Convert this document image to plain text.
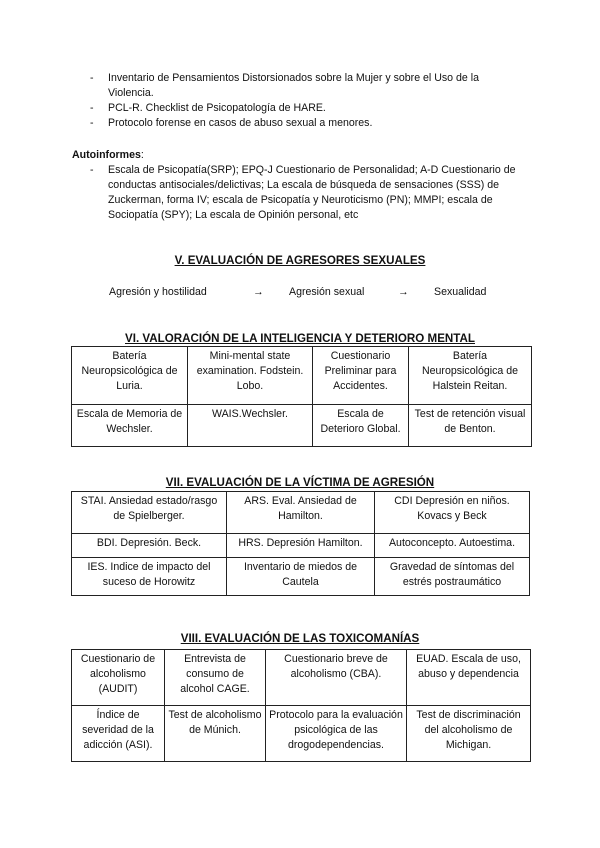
- Inventario de Pensamientos Distorsionados sobre la Mujer y sobre el Uso de la Violencia.
- PCL-R. Checklist de Psicopatología de HARE.
- Protocolo forense en casos de abuso sexual a menores.
Autoinformes:
- Escala de Psicopatía(SRP); EPQ-J Cuestionario de Personalidad; A-D Cuestionario de conductas antisociales/delictivas; La escala de búsqueda de sensaciones (SSS) de Zuckerman, forma IV; escala de Psicopatía y Neuroticismo (PN); MMPI; escala de Sociopatía (SPY); La escala de Opinión personal, etc
V. EVALUACIÓN DE AGRESORES SEXUALES
Agresión y hostilidad	→ Agresión sexual	→ Sexualidad
VI. VALORACIÓN DE LA INTELIGENCIA Y DETERIORO MENTAL
Batería Neuropsicológica de Luria.	Mini-mental state examination. Fodstein. Lobo.	Cuestionario Preliminar para Accidentes.	Batería Neuropsicológica de Halstein Reitan.
Escala de Memoria de Wechsler.	WAIS.Wechsler.	Escala de Deterioro Global.	Test de retención visual de Benton.
VII. EVALUACIÓN DE LA VÍCTIMA DE AGRESIÓN
STAI. Ansiedad estado/rasgo de Spielberger.	ARS. Eval. Ansiedad de Hamilton.	CDI Depresión en niños. Kovacs y Beck
BDI. Depresión. Beck.	HRS. Depresión Hamilton.	Autoconcepto. Autoestima.
IES. Indice de impacto del suceso de Horowitz	Inventario de miedos de Cautela	Gravedad de síntomas del estrés postraumático
VIII. EVALUACIÓN DE LAS TOXICOMANÍAS
Cuestionario de alcoholismo (AUDIT)	Entrevista de consumo de alcohol CAGE.	Cuestionario breve de alcoholismo (CBA).	EUAD. Escala de uso, abuso y dependencia
Índice de severidad de la adicción (ASI).	Test de alcoholismo de Múnich.	Protocolo para la evaluación psicológica de las drogodependencias.	Test de discriminación del alcoholismo de Michigan.
